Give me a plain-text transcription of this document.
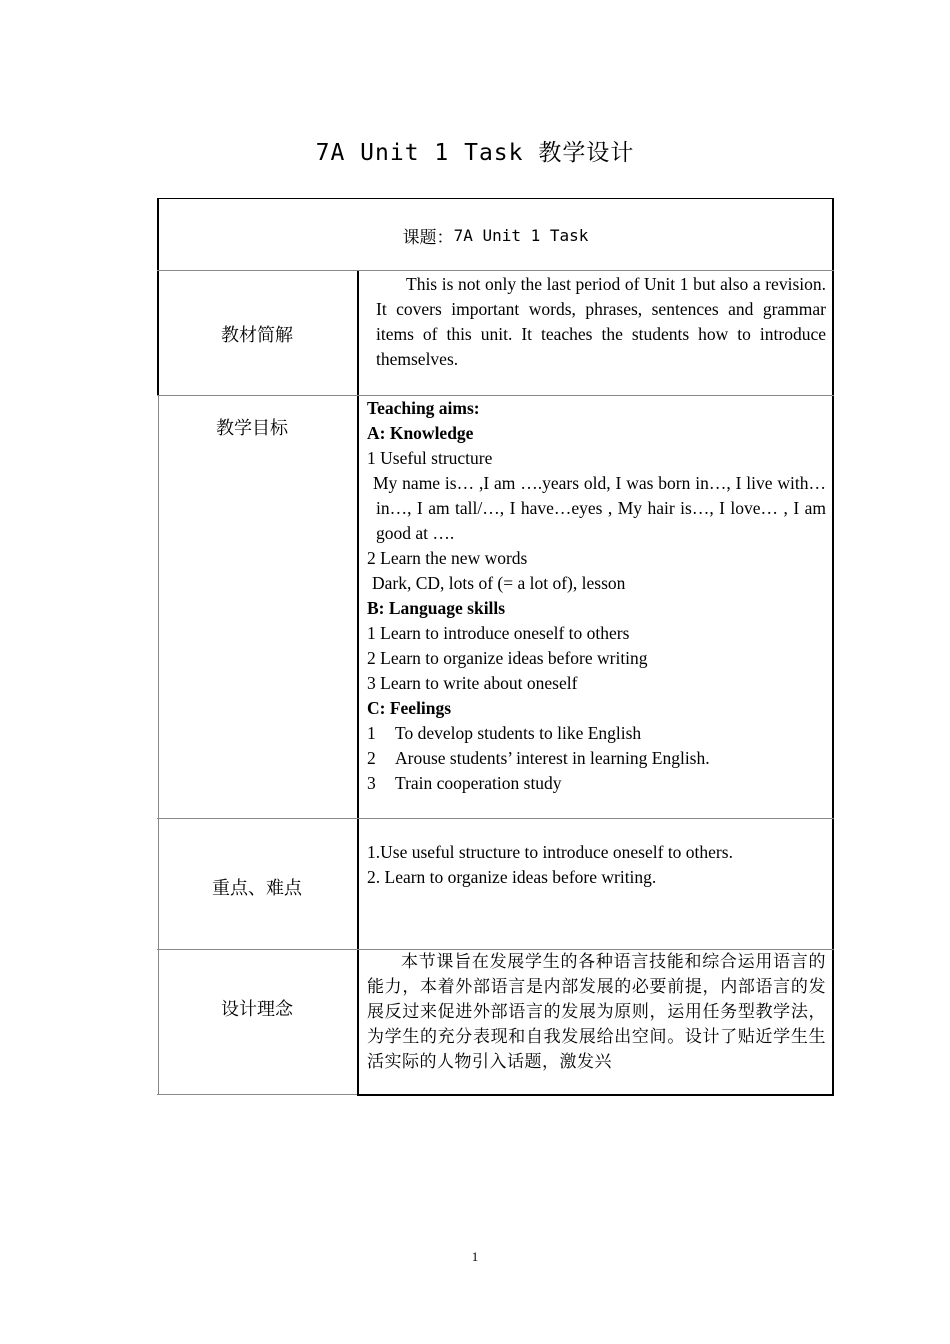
7A Unit 1 Task 教学设计
课题： 7A Unit 1 Task
教材简解
This is not only the last period of Unit 1 but also a revision. It covers important words, phrases, sentences and grammar items of this unit. It teaches the students how to introduce themselves.
教学目标
Teaching aims:
A: Knowledge
1 Useful structure
My name is… ,I am ….years old, I was born in…, I live with…in…, I am tall/…, I have…eyes , My hair is…, I love… , I am good at ….
2 Learn the new words
Dark, CD, lots of (= a lot of), lesson
B: Language skills
1 Learn to introduce oneself to others
2 Learn to organize ideas before writing
3 Learn to write about oneself
C: Feelings
1 To develop students to like English
2 Arouse students’ interest in learning English.
3 Train cooperation study
重点、难点
1.Use useful structure to introduce oneself to others.
2. Learn to organize ideas before writing.
设计理念
本节课旨在发展学生的各种语言技能和综合运用语言的能力，本着外部语言是内部发展的必要前提，内部语言的发展反过来促进外部语言的发展为原则，运用任务型教学法，为学生的充分表现和自我发展给出空间。设计了贴近学生生活实际的人物引入话题，激发兴
1
